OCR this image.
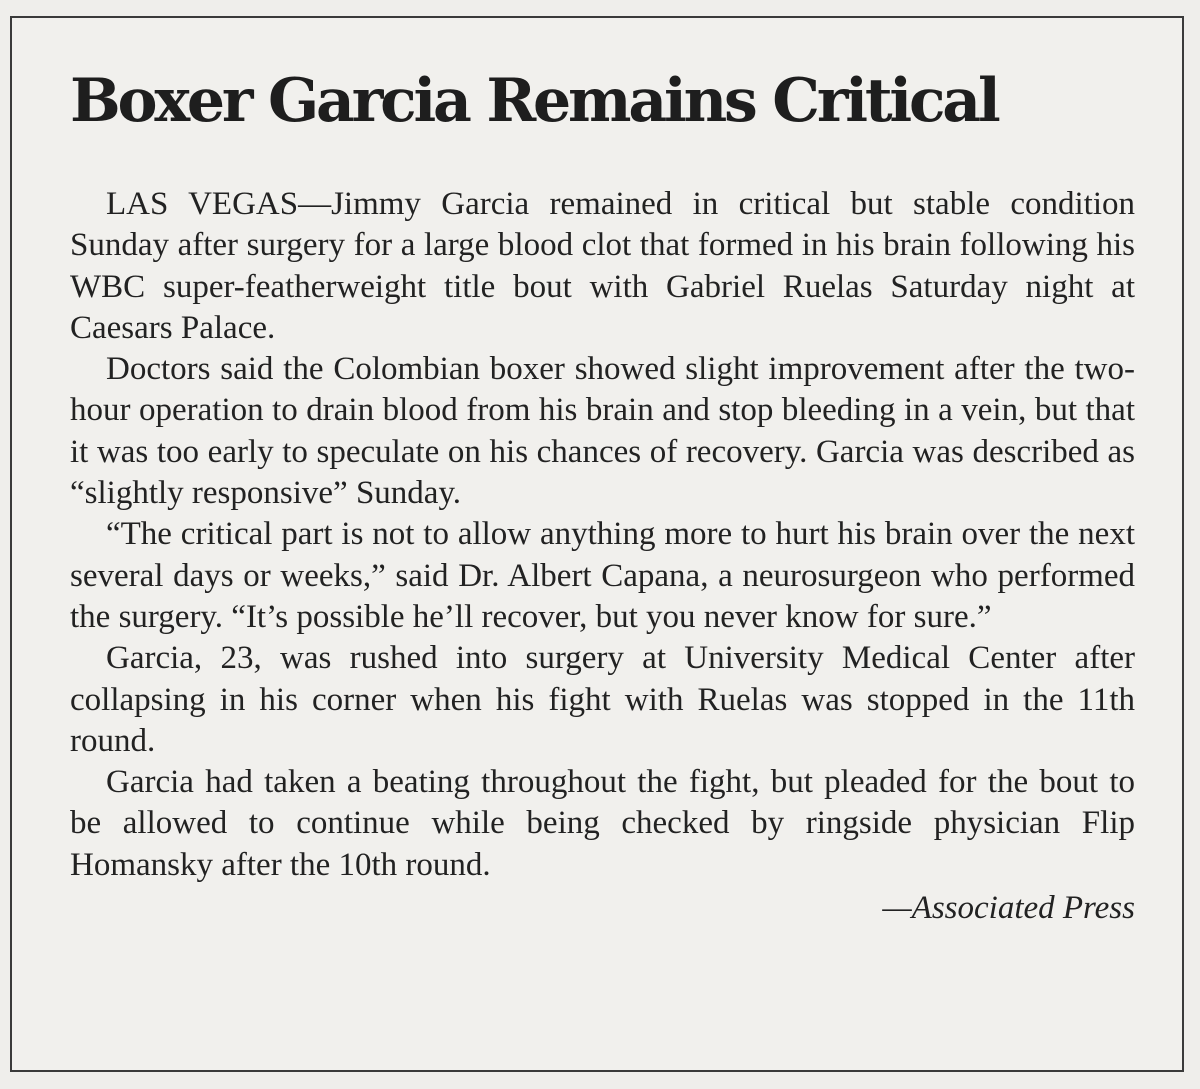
Boxer Garcia Remains Critical

LAS VEGAS—Jimmy Garcia remained in critical but stable condition Sunday after surgery for a large blood clot that formed in his brain following his WBC super-featherweight title bout with Gabriel Ruelas Saturday night at Caesars Palace.

Doctors said the Colombian boxer showed slight improvement after the two-hour operation to drain blood from his brain and stop bleeding in a vein, but that it was too early to speculate on his chances of recovery. Garcia was described as “slightly responsive” Sunday.

“The critical part is not to allow anything more to hurt his brain over the next several days or weeks,” said Dr. Albert Capana, a neurosurgeon who performed the surgery. “It’s possible he’ll recover, but you never know for sure.”

Garcia, 23, was rushed into surgery at University Medical Center after collapsing in his corner when his fight with Ruelas was stopped in the 11th round.

Garcia had taken a beating throughout the fight, but pleaded for the bout to be allowed to continue while being checked by ringside physician Flip Homansky after the 10th round.

—Associated Press
